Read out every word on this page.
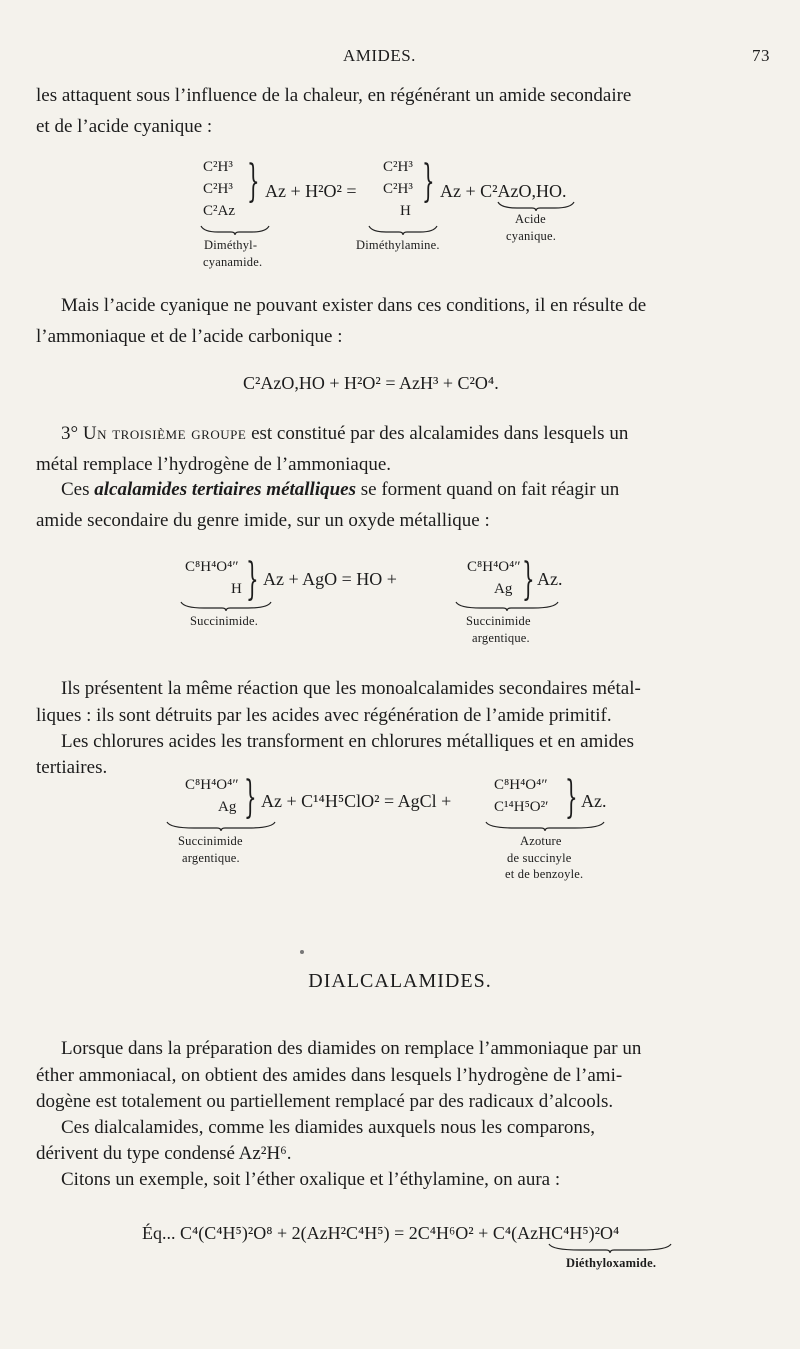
AMIDES.	73
les attaquent sous l’influence de la chaleur, en régénérant un amide secondaire
et de l’acide cyanique :
C²H³
C²H³
C²Az
} Az + H²O² =
C²H³
C²H³
H
} Az + C²AzO,HO.
Diméthyl-
cyanamide.
Diméthylamine.
Acide
cyanique.
Mais l’acide cyanique ne pouvant exister dans ces conditions, il en résulte de
l’ammoniaque et de l’acide carbonique :
C²AzO,HO + H²O² = AzH³ + C²O⁴.
3° Un troisième groupe est constitué par des alcalamides dans lesquels un
métal remplace l’hydrogène de l’ammoniaque.
Ces alcalamides tertiaires métalliques se forment quand on fait réagir un
amide secondaire du genre imide, sur un oxyde métallique :
C⁸H⁴O⁴″
H } Az + AgO = HO +
C⁸H⁴O⁴″
Ag } Az.
Succinimide.	Succinimide
argentique.
Ils présentent la même réaction que les monoalcalamides secondaires métal-
liques : ils sont détruits par les acides avec régénération de l’amide primitif.
Les chlorures acides les transforment en chlorures métalliques et en amides
tertiaires.
C⁸H⁴O⁴″
Ag } Az + C¹⁴H⁵ClO² = AgCl +
C⁸H⁴O⁴″
C¹⁴H⁵O²′ } Az.
Succinimide
argentique.
Azoture
de succinyle
et de benzoyle.
DIALCALAMIDES.
Lorsque dans la préparation des diamides on remplace l’ammoniaque par un
éther ammoniacal, on obtient des amides dans lesquels l’hydrogène de l’ami-
dogène est totalement ou partiellement remplacé par des radicaux d’alcools.
Ces dialcalamides, comme les diamides auxquels nous les comparons,
dérivent du type condensé Az²H⁶.
Citons un exemple, soit l’éther oxalique et l’éthylamine, on aura :
Éq... C⁴(C⁴H⁵)²O⁸ + 2(AzH²C⁴H⁵) = 2C⁴H⁶O² + C⁴(AzHC⁴H⁵)²O⁴
Diéthyloxamide.
